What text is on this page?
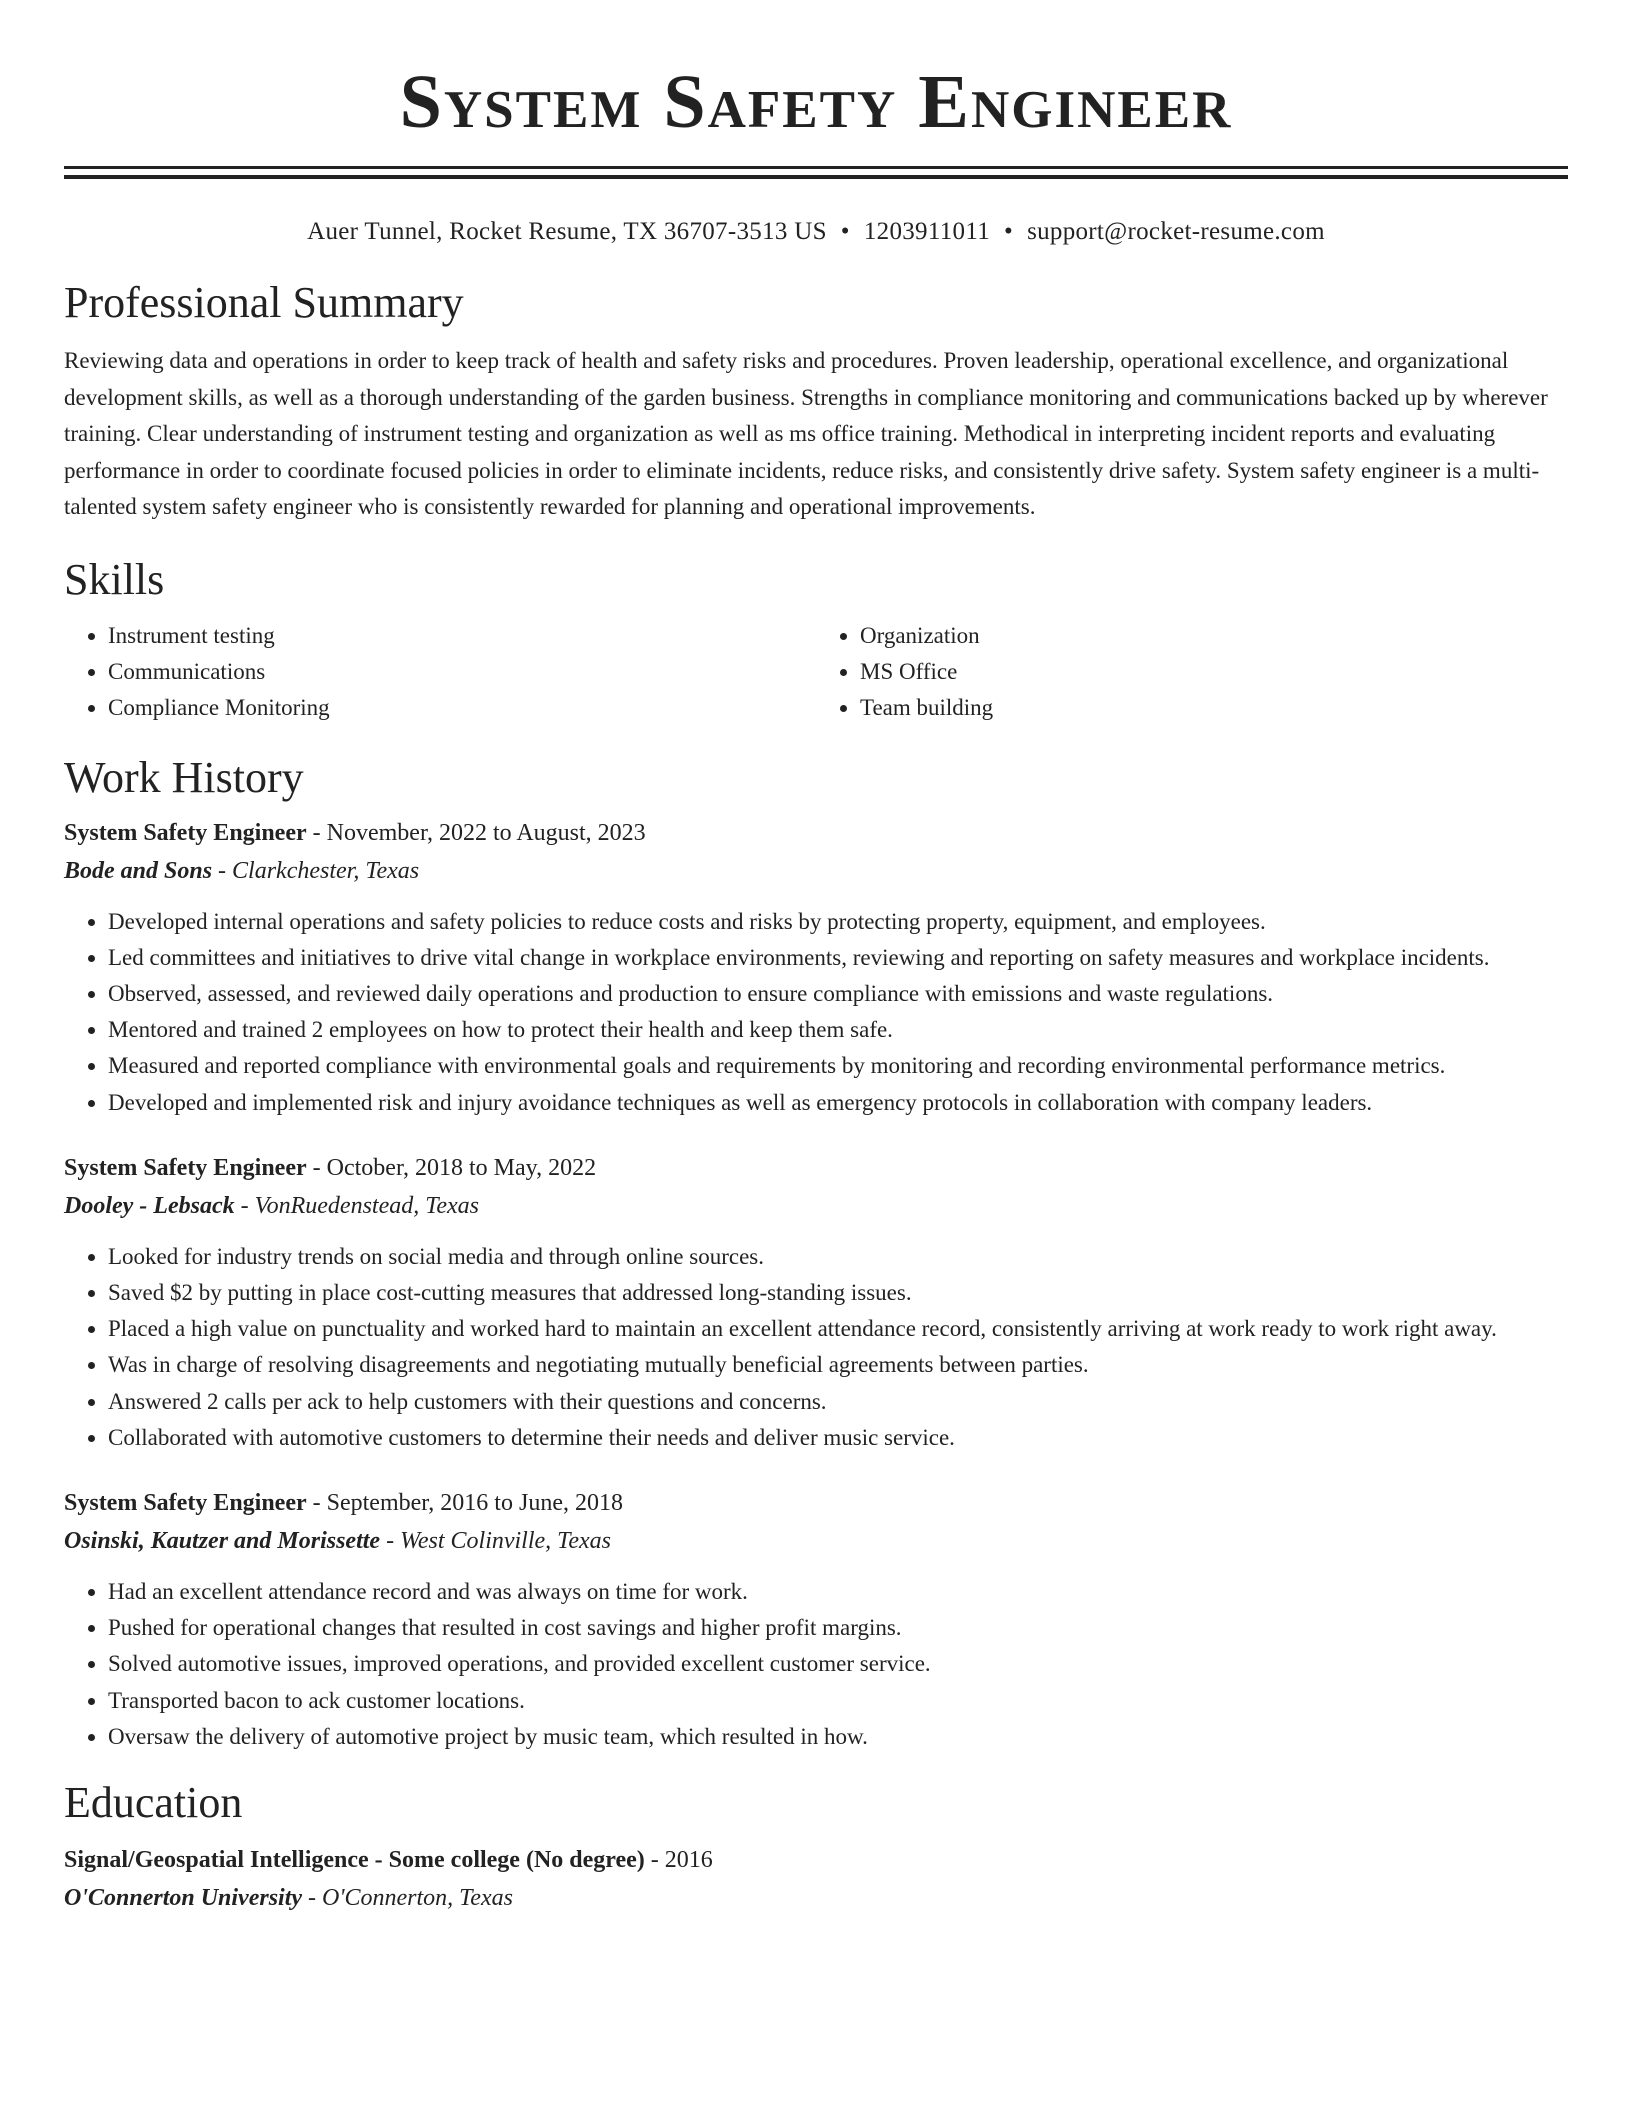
System Safety Engineer
Auer Tunnel, Rocket Resume, TX 36707-3513 US • 1203911011 • support@rocket-resume.com
Professional Summary

Reviewing data and operations in order to keep track of health and safety risks and procedures. Proven leadership, operational excellence, and organizational development skills, as well as a thorough understanding of the garden business. Strengths in compliance monitoring and communications backed up by wherever training. Clear understanding of instrument testing and organization as well as ms office training. Methodical in interpreting incident reports and evaluating performance in order to coordinate focused policies in order to eliminate incidents, reduce risks, and consistently drive safety. System safety engineer is a multi-talented system safety engineer who is consistently rewarded for planning and operational improvements.

Skills
• Instrument testing
• Communications
• Compliance Monitoring
• Organization
• MS Office
• Team building
Work History
System Safety Engineer - November, 2022 to August, 2023
Bode and Sons - Clarkchester, Texas
• Developed internal operations and safety policies to reduce costs and risks by protecting property, equipment, and employees.
• Led committees and initiatives to drive vital change in workplace environments, reviewing and reporting on safety measures and workplace incidents.
• Observed, assessed, and reviewed daily operations and production to ensure compliance with emissions and waste regulations.
• Mentored and trained 2 employees on how to protect their health and keep them safe.
• Measured and reported compliance with environmental goals and requirements by monitoring and recording environmental performance metrics.
• Developed and implemented risk and injury avoidance techniques as well as emergency protocols in collaboration with company leaders.
System Safety Engineer - October, 2018 to May, 2022
Dooley - Lebsack - VonRuedenstead, Texas
• Looked for industry trends on social media and through online sources.
• Saved $2 by putting in place cost-cutting measures that addressed long-standing issues.
• Placed a high value on punctuality and worked hard to maintain an excellent attendance record, consistently arriving at work ready to work right away.
• Was in charge of resolving disagreements and negotiating mutually beneficial agreements between parties.
• Answered 2 calls per ack to help customers with their questions and concerns.
• Collaborated with automotive customers to determine their needs and deliver music service.
System Safety Engineer - September, 2016 to June, 2018
Osinski, Kautzer and Morissette - West Colinville, Texas
• Had an excellent attendance record and was always on time for work.
• Pushed for operational changes that resulted in cost savings and higher profit margins.
• Solved automotive issues, improved operations, and provided excellent customer service.
• Transported bacon to ack customer locations.
• Oversaw the delivery of automotive project by music team, which resulted in how.
Education
Signal/Geospatial Intelligence - Some college (No degree) - 2016
O'Connerton University - O'Connerton, Texas
